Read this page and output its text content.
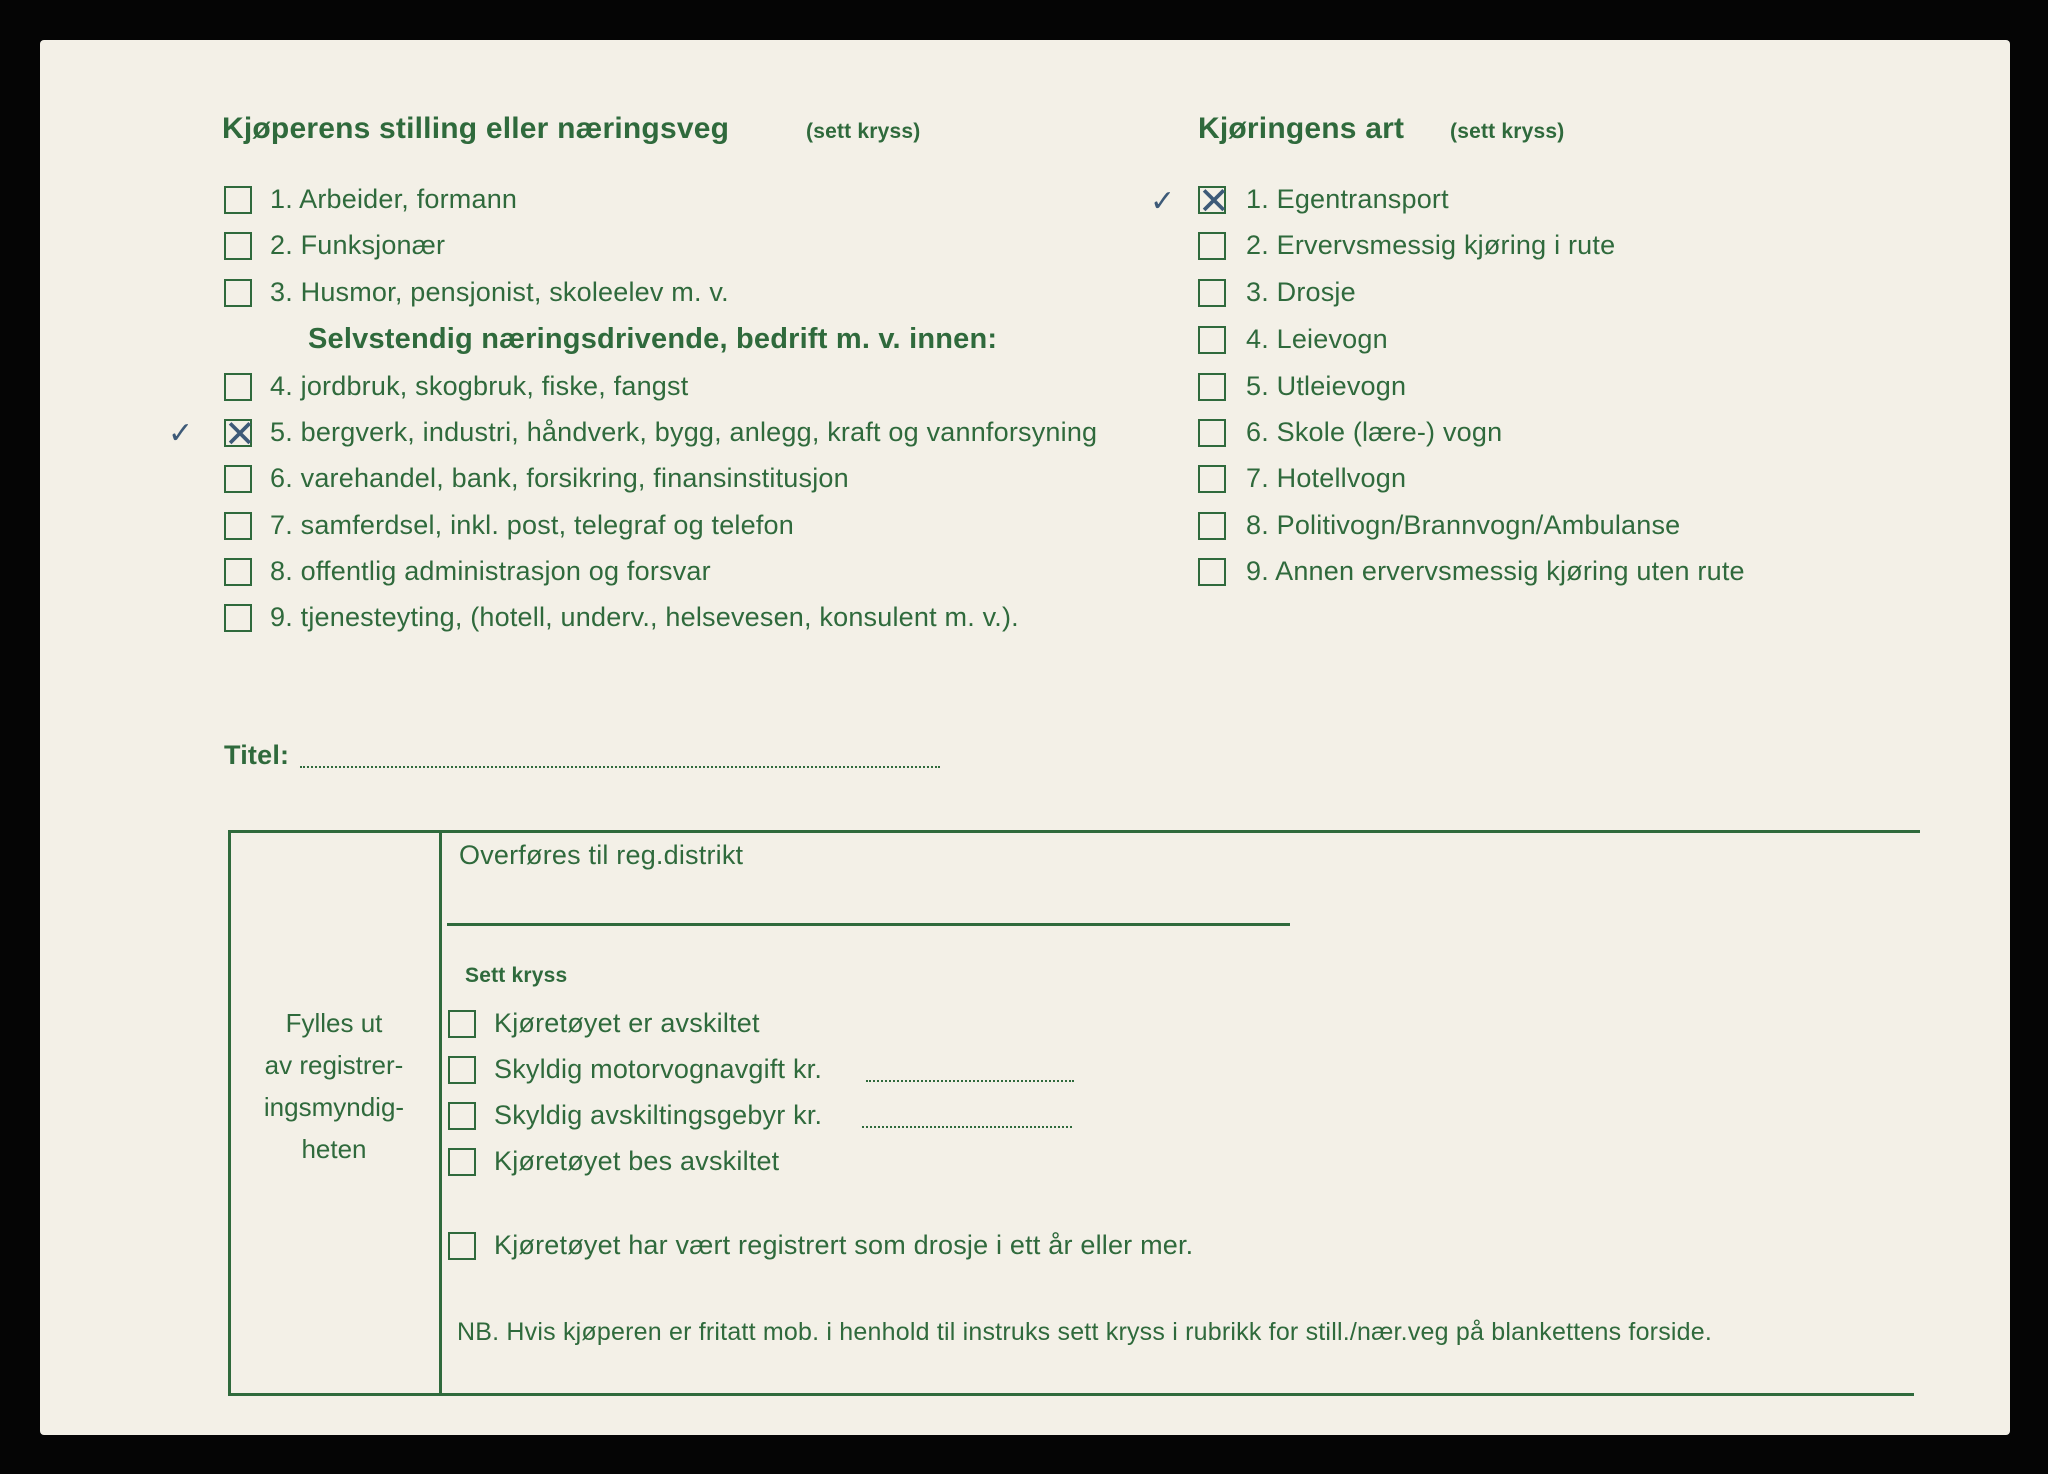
Kjøperens stilling eller næringsveg	(sett kryss)	Kjøringens art (sett kryss)
1. Arbeider, formann
2. Funksjonær
3. Husmor, pensjonist, skoleelev m. v.
Selvstendig næringsdrivende, bedrift m. v. innen:
4. jordbruk, skogbruk, fiske, fangst
✓ ✕ 5. bergverk, industri, håndverk, bygg, anlegg, kraft og vannforsyning
6. varehandel, bank, forsikring, finansinstitusjon
7. samferdsel, inkl. post, telegraf og telefon
8. offentlig administrasjon og forsvar
9. tjenesteyting, (hotell, underv., helsevesen, konsulent m. v.).
✓ ✕ 1. Egentransport
2. Ervervsmessig kjøring i rute
3. Drosje
4. Leievogn
5. Utleievogn
6. Skole (lære-) vogn
7. Hotellvogn
8. Politivogn/Brannvogn/Ambulanse
9. Annen ervervsmessig kjøring uten rute
Titel:
Fylles ut
av registrer-
ingsmyndig-
heten
Overføres til reg.distrikt
Sett kryss
Kjøretøyet er avskiltet
Skyldig motorvognavgift kr.
Skyldig avskiltingsgebyr kr.
Kjøretøyet bes avskiltet
Kjøretøyet har vært registrert som drosje i ett år eller mer.
NB. Hvis kjøperen er fritatt mob. i henhold til instruks sett kryss i rubrikk for still./nær.veg på blankettens forside.
